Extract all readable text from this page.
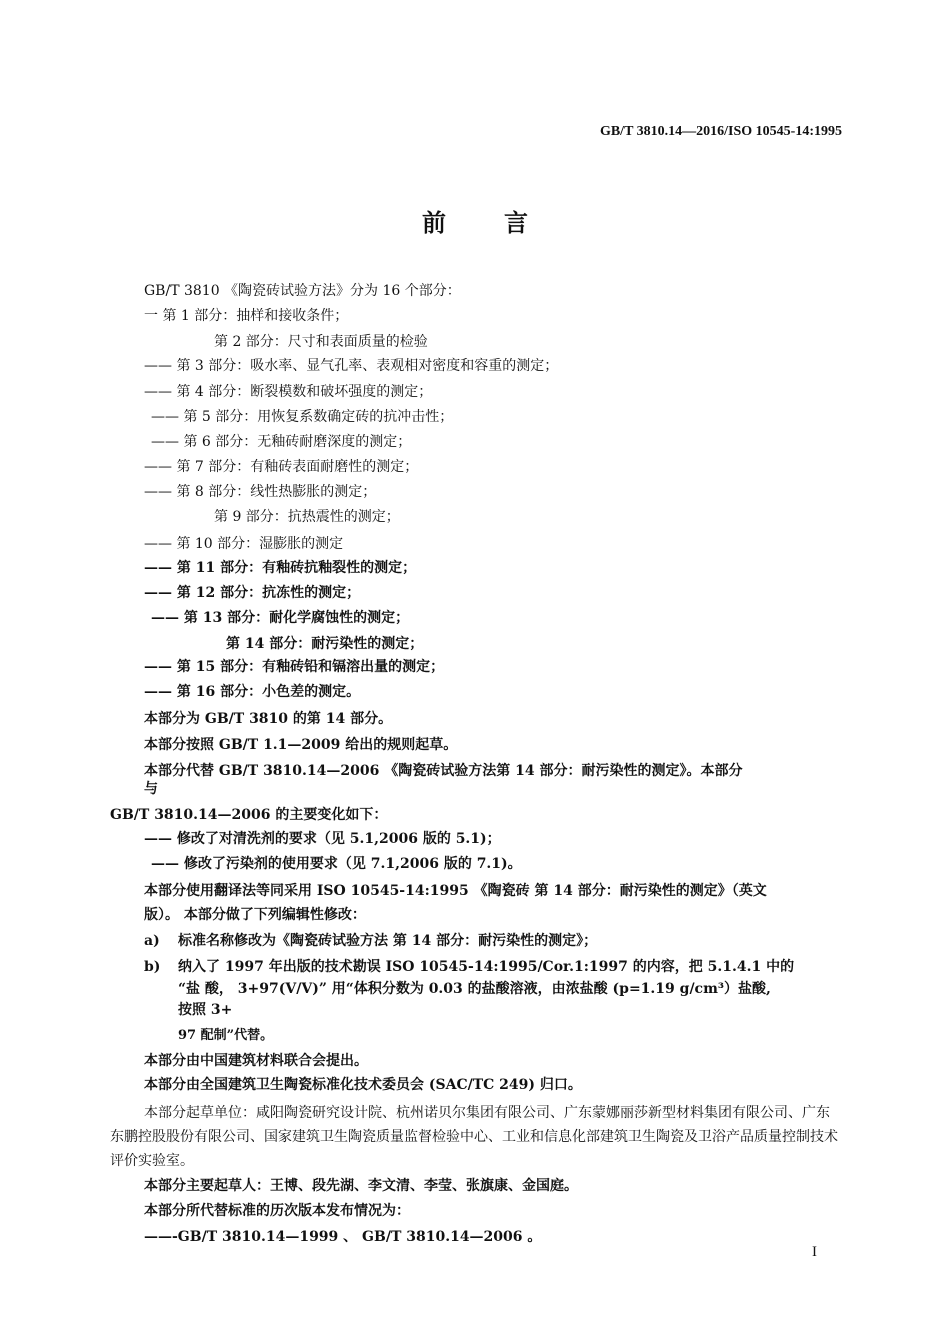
GB/T 3810.14—2016/ISO 10545-14:1995
前言
GB/T 3810 《陶瓷砖试验方法》分为 16 个部分：
一 第 1 部分：抽样和接收条件；
第 2 部分：尺寸和表面质量的检验
—— 第 3 部分：吸水率、显气孔率、表观相对密度和容重的测定；
—— 第 4 部分：断裂模数和破坏强度的测定；
—— 第 5 部分：用恢复系数确定砖的抗冲击性；
—— 第 6 部分：无釉砖耐磨深度的测定；
—— 第 7 部分：有釉砖表面耐磨性的测定；
—— 第 8 部分：线性热膨胀的测定；
第 9 部分：抗热震性的测定；
—— 第 10 部分：湿膨胀的测定
—— 第 11 部分：有釉砖抗釉裂性的测定；
—— 第 12 部分：抗冻性的测定；
—— 第 13 部分：耐化学腐蚀性的测定；
第 14 部分：耐污染性的测定；
—— 第 15 部分：有釉砖铅和镉溶出量的测定；
—— 第 16 部分：小色差的测定。
本部分为 GB/T 3810 的第 14 部分。
本部分按照 GB/T 1.1—2009 给出的规则起草。
本部分代替 GB/T 3810.14—2006 《陶瓷砖试验方法第 14 部分：耐污染性的测定》。本部分
与
GB/T 3810.14—2006 的主要变化如下：
—— 修改了对清洗剂的要求（见 5.1,2006 版的 5.1)；
—— 修改了污染剂的使用要求（见 7.1,2006 版的 7.1)。
本部分使用翻译法等同采用 ISO 10545-14:1995 《陶瓷砖 第 14 部分：耐污染性的测定》（英文
版）。 本部分做了下列编辑性修改：
a) 标准名称修改为《陶瓷砖试验方法 第 14 部分：耐污染性的测定》；
b) 纳入了 1997 年出版的技术勘误 ISO 10545-14:1995/Cor.1:1997 的内容，把 5.1.4.1 中的
“盐 酸， 3+97(V/V)” 用“体积分数为 0.03 的盐酸溶液，由浓盐酸 (p=1.19 g/cm³）盐酸,
按照 3+
97 配制”代替。
本部分由中国建筑材料联合会提出。
本部分由全国建筑卫生陶瓷标准化技术委员会 (SAC/TC 249) 归口。
本部分起草单位：咸阳陶瓷研究设计院、杭州诺贝尔集团有限公司、广东蒙娜丽莎新型材料集团有限公司、广东东鹏控股股份有限公司、国家建筑卫生陶瓷质量监督检验中心、工业和信息化部建筑卫生陶瓷及卫浴产品质量控制技术评价实验室。
本部分主要起草人：王博、段先湖、李文清、李莹、张旗康、金国庭。
本部分所代替标准的历次版本发布情况为：
——-GB/T 3810.14—1999 、 GB/T 3810.14—2006 。
I
